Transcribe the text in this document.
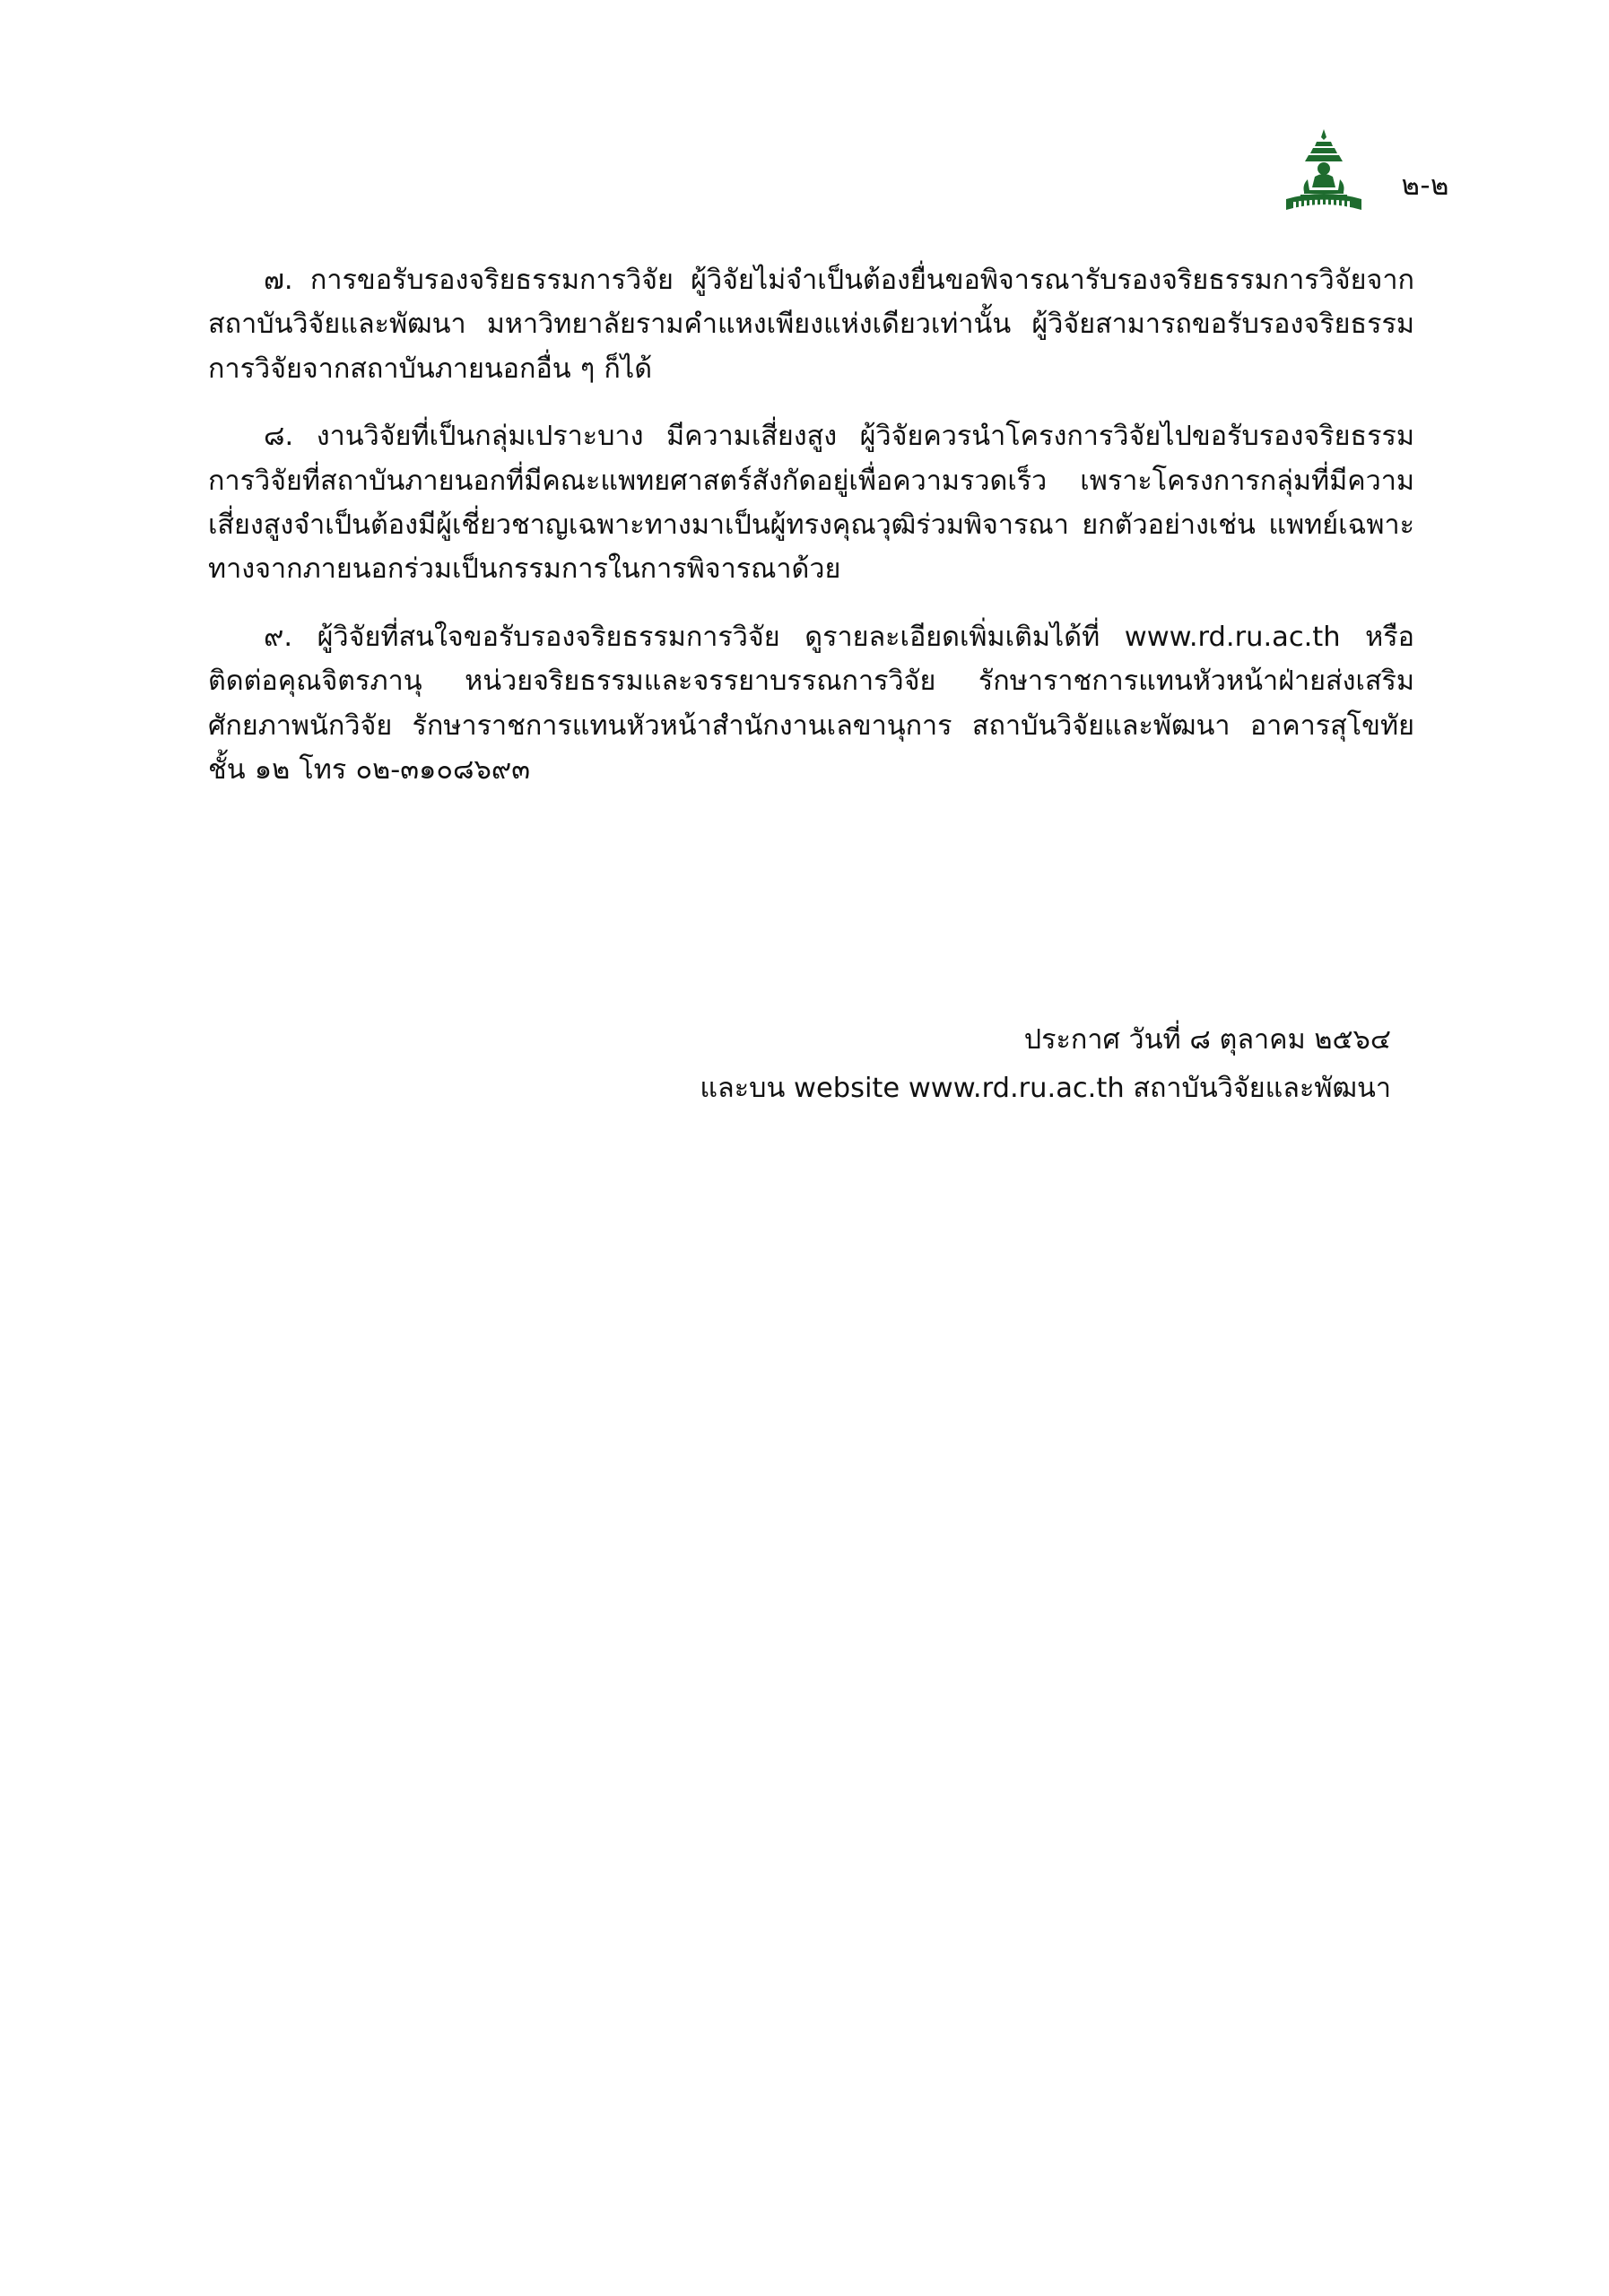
๒-๒

๗. การขอรับรองจริยธรรมการวิจัย ผู้วิจัยไม่จำเป็นต้องยื่นขอพิจารณารับรองจริยธรรมการวิจัยจากสถาบันวิจัยและพัฒนา มหาวิทยาลัยรามคำแหงเพียงแห่งเดียวเท่านั้น ผู้วิจัยสามารถขอรับรองจริยธรรมการวิจัยจากสถาบันภายนอกอื่น ๆ ก็ได้

๘. งานวิจัยที่เป็นกลุ่มเปราะบาง มีความเสี่ยงสูง ผู้วิจัยควรนำโครงการวิจัยไปขอรับรองจริยธรรมการวิจัยที่สถาบันภายนอกที่มีคณะแพทยศาสตร์สังกัดอยู่เพื่อความรวดเร็ว เพราะโครงการกลุ่มที่มีความเสี่ยงสูงจำเป็นต้องมีผู้เชี่ยวชาญเฉพาะทางมาเป็นผู้ทรงคุณวุฒิร่วมพิจารณา ยกตัวอย่างเช่น แพทย์เฉพาะทางจากภายนอกร่วมเป็นกรรมการในการพิจารณาด้วย

๙. ผู้วิจัยที่สนใจขอรับรองจริยธรรมการวิจัย ดูรายละเอียดเพิ่มเติมได้ที่ www.rd.ru.ac.th หรือติดต่อคุณจิตรภานุ หน่วยจริยธรรมและจรรยาบรรณการวิจัย รักษาราชการแทนหัวหน้าฝ่ายส่งเสริมศักยภาพนักวิจัย รักษาราชการแทนหัวหน้าสำนักงานเลขานุการ สถาบันวิจัยและพัฒนา อาคารสุโขทัยชั้น ๑๒ โทร ๐๒-๓๑๐๘๖๙๓

ประกาศ วันที่ ๘ ตุลาคม ๒๕๖๔
และบน website www.rd.ru.ac.th สถาบันวิจัยและพัฒนา
